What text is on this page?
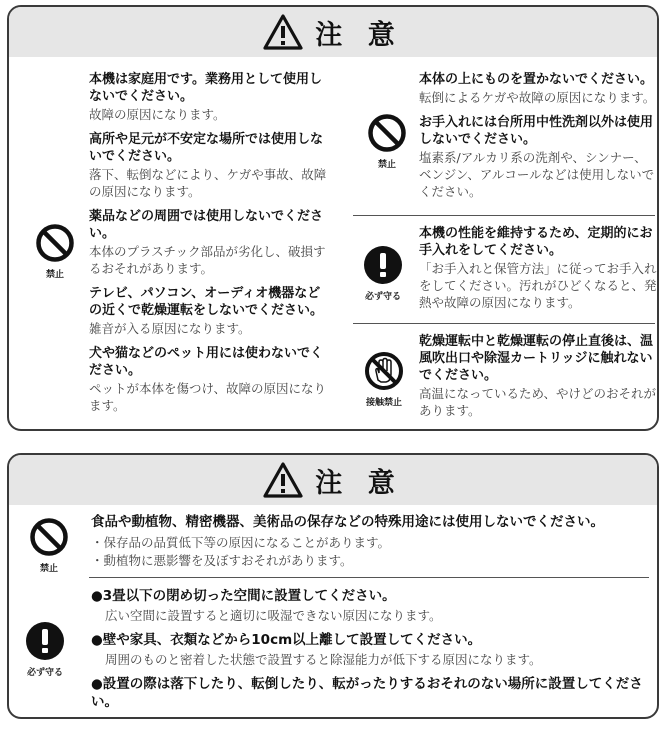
注 意
禁止
本機は家庭用です。業務用として使用しないでください。
故障の原因になります。
高所や足元が不安定な場所では使用しないでください。
落下、転倒などにより、ケガや事故、故障の原因になります。
薬品などの周囲では使用しないでください。
本体のプラスチック部品が劣化し、破損するおそれがあります。
テレビ、パソコン、オーディオ機器などの近くで乾燥運転をしないでください。
雑音が入る原因になります。
犬や猫などのペット用には使わないでください。
ペットが本体を傷つけ、故障の原因になります。
禁止
本体の上にものを置かないでください。
転倒によるケガや故障の原因になります。
お手入れには台所用中性洗剤以外は使用しないでください。
塩素系/アルカリ系の洗剤や、シンナー、ベンジン、アルコールなどは使用しないでください。
必ず守る
本機の性能を維持するため、定期的にお手入れをしてください。
「お手入れと保管方法」に従ってお手入れをしてください。汚れがひどくなると、発熱や故障の原因になります。
接触禁止
乾燥運転中と乾燥運転の停止直後は、温風吹出口や除湿カートリッジに触れないでください。
高温になっているため、やけどのおそれがあります。
注 意
禁止
食品や動植物、精密機器、美術品の保存などの特殊用途には使用しないでください。
・保存品の品質低下等の原因になることがあります。
・動植物に悪影響を及ぼすおそれがあります。
必ず守る
●3畳以下の閉め切った空間に設置してください。
広い空間に設置すると適切に吸湿できない原因になります。
●壁や家具、衣類などから10cm以上離して設置してください。
周囲のものと密着した状態で設置すると除湿能力が低下する原因になります。
●設置の際は落下したり、転倒したり、転がったりするおそれのない場所に設置してください。
